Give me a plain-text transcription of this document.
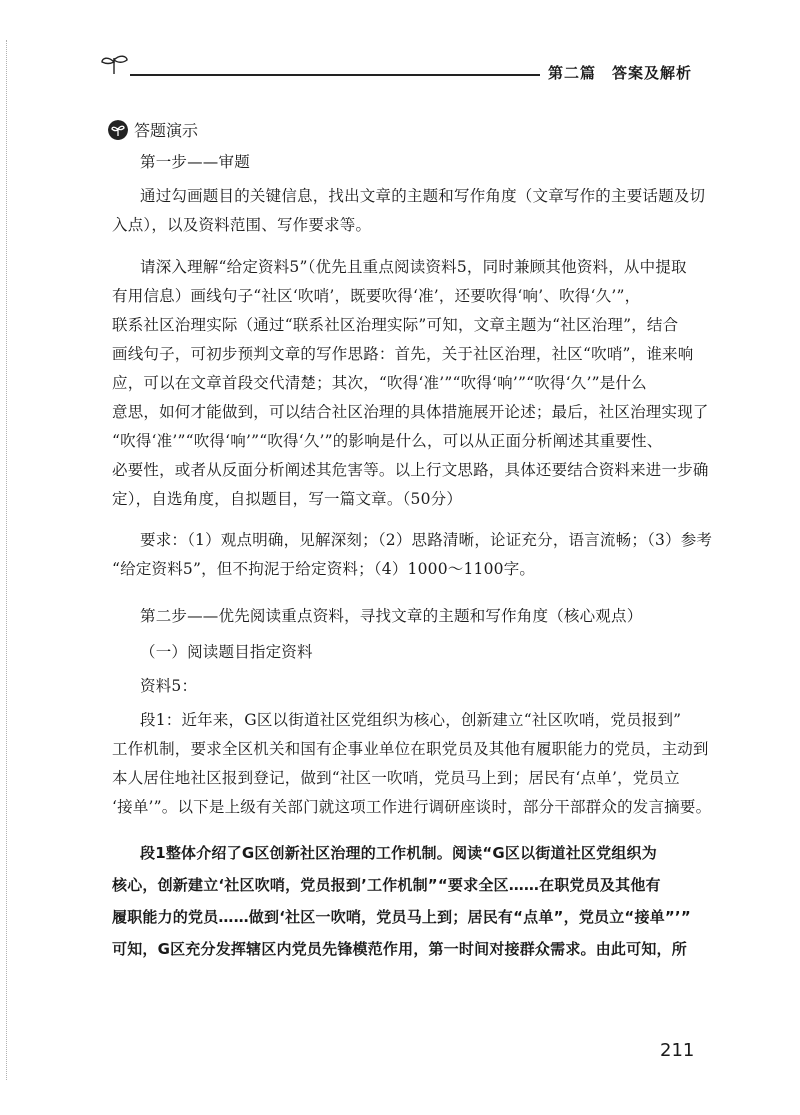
第二篇　答案及解析
答题演示
第一步——审题
通过勾画题目的关键信息，找出文章的主题和写作角度（文章写作的主要话题及切
入点），以及资料范围、写作要求等。
请深入理解“给定资料5”（优先且重点阅读资料5，同时兼顾其他资料，从中提取
有用信息）画线句子“社区‘吹哨’，既要吹得‘准’，还要吹得‘响’、吹得‘久’”，
联系社区治理实际（通过“联系社区治理实际”可知，文章主题为“社区治理”，结合
画线句子，可初步预判文章的写作思路：首先，关于社区治理，社区“吹哨”，谁来响
应，可以在文章首段交代清楚；其次，“吹得‘准’”“吹得‘响’”“吹得‘久’”是什么
意思，如何才能做到，可以结合社区治理的具体措施展开论述；最后，社区治理实现了
“吹得‘准’”“吹得‘响’”“吹得‘久’”的影响是什么，可以从正面分析阐述其重要性、
必要性，或者从反面分析阐述其危害等。以上行文思路，具体还要结合资料来进一步确
定），自选角度，自拟题目，写一篇文章。（50分）
要求：（1）观点明确，见解深刻；（2）思路清晰，论证充分，语言流畅；（3）参考
“给定资料5”，但不拘泥于给定资料；（4）1000～1100字。
第二步——优先阅读重点资料，寻找文章的主题和写作角度（核心观点）
（一）阅读题目指定资料
资料5：
段1：近年来，G区以街道社区党组织为核心，创新建立“社区吹哨，党员报到”
工作机制，要求全区机关和国有企事业单位在职党员及其他有履职能力的党员，主动到
本人居住地社区报到登记，做到“社区一吹哨，党员马上到；居民有‘点单’，党员立
‘接单’”。以下是上级有关部门就这项工作进行调研座谈时，部分干部群众的发言摘要。
段1整体介绍了G区创新社区治理的工作机制。阅读“G区以街道社区党组织为
核心，创新建立‘社区吹哨，党员报到’工作机制”“要求全区……在职党员及其他有
履职能力的党员……做到‘社区一吹哨，党员马上到；居民有“点单”，党员立“接单”’”
可知，G区充分发挥辖区内党员先锋模范作用，第一时间对接群众需求。由此可知，所
211
